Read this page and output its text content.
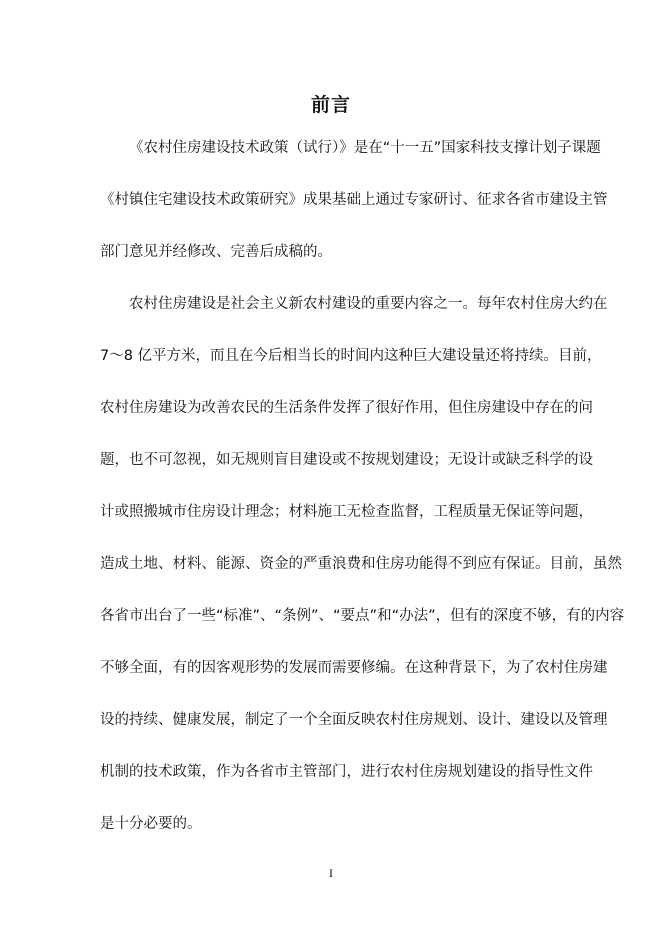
前言
《农村住房建设技术政策（试行）》是在“十一五”国家科技支撑计划子课题
《村镇住宅建设技术政策研究》成果基础上通过专家研讨、征求各省市建设主管
部门意见并经修改、完善后成稿的。
农村住房建设是社会主义新农村建设的重要内容之一。每年农村住房大约在
7～8 亿平方米，而且在今后相当长的时间内这种巨大建设量还将持续。目前，
农村住房建设为改善农民的生活条件发挥了很好作用，但住房建设中存在的问
题，也不可忽视，如无规则盲目建设或不按规划建设；无设计或缺乏科学的设
计或照搬城市住房设计理念；材料施工无检查监督，工程质量无保证等问题，
造成土地、材料、能源、资金的严重浪费和住房功能得不到应有保证。目前，虽然
各省市出台了一些“标准”、“条例”、“要点”和“办法”，但有的深度不够，有的内容
不够全面，有的因客观形势的发展而需要修编。在这种背景下，为了农村住房建
设的持续、健康发展，制定了一个全面反映农村住房规划、设计、建设以及管理
机制的技术政策，作为各省市主管部门，进行农村住房规划建设的指导性文件
是十分必要的。
I
